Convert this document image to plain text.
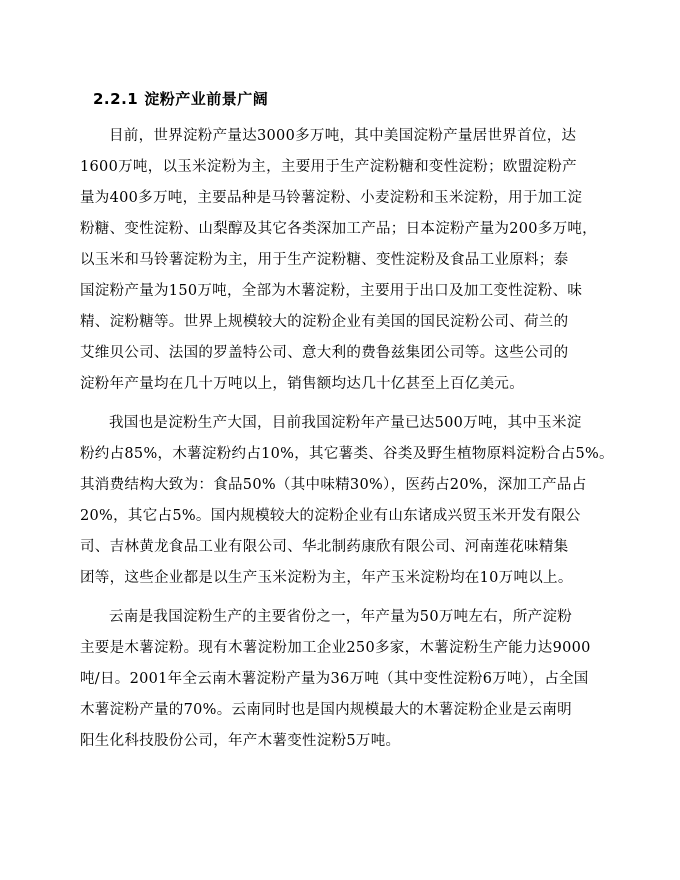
2.2.1 淀粉产业前景广阔
目前，世界淀粉产量达3000多万吨，其中美国淀粉产量居世界首位，达
1600万吨，以玉米淀粉为主，主要用于生产淀粉糖和变性淀粉；欧盟淀粉产
量为400多万吨，主要品种是马铃薯淀粉、小麦淀粉和玉米淀粉，用于加工淀
粉糖、变性淀粉、山梨醇及其它各类深加工产品；日本淀粉产量为200多万吨，
以玉米和马铃薯淀粉为主，用于生产淀粉糖、变性淀粉及食品工业原料；泰
国淀粉产量为150万吨，全部为木薯淀粉，主要用于出口及加工变性淀粉、味
精、淀粉糖等。世界上规模较大的淀粉企业有美国的国民淀粉公司、荷兰的
艾维贝公司、法国的罗盖特公司、意大利的费鲁兹集团公司等。这些公司的
淀粉年产量均在几十万吨以上，销售额均达几十亿甚至上百亿美元。
我国也是淀粉生产大国，目前我国淀粉年产量已达500万吨，其中玉米淀
粉约占85%，木薯淀粉约占10%，其它薯类、谷类及野生植物原料淀粉合占5%。
其消费结构大致为：食品50%（其中味精30%），医药占20%，深加工产品占
20%，其它占5%。国内规模较大的淀粉企业有山东诸成兴贸玉米开发有限公
司、吉林黄龙食品工业有限公司、华北制药康欣有限公司、河南莲花味精集
团等，这些企业都是以生产玉米淀粉为主，年产玉米淀粉均在10万吨以上。
云南是我国淀粉生产的主要省份之一，年产量为50万吨左右，所产淀粉
主要是木薯淀粉。现有木薯淀粉加工企业250多家，木薯淀粉生产能力达9000
吨/日。2001年全云南木薯淀粉产量为36万吨（其中变性淀粉6万吨），占全国
木薯淀粉产量的70%。云南同时也是国内规模最大的木薯淀粉企业是云南明
阳生化科技股份公司，年产木薯变性淀粉5万吨。
